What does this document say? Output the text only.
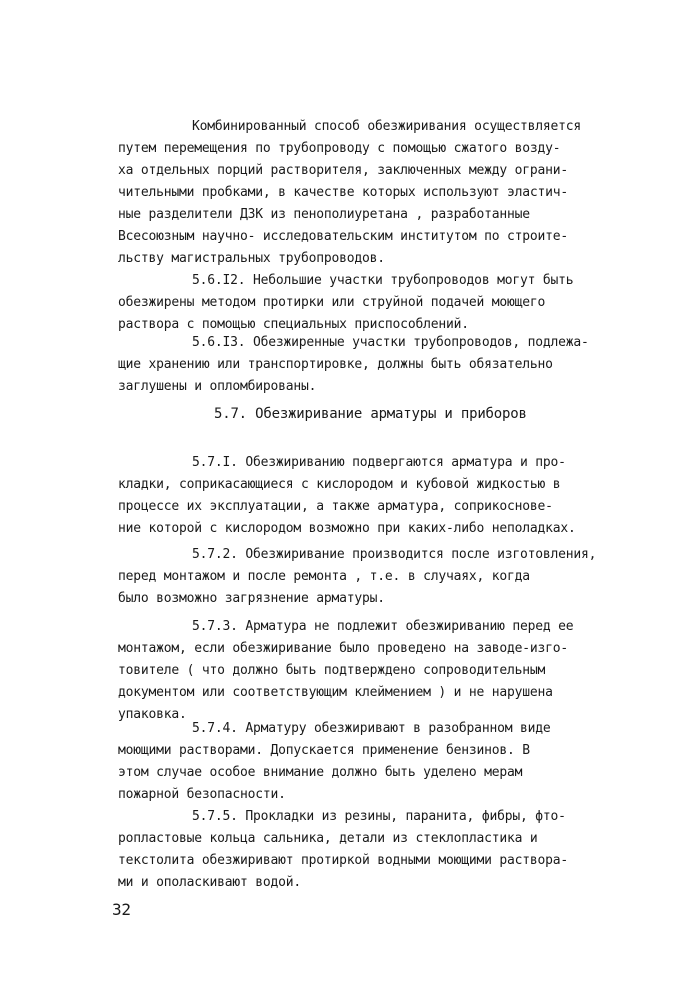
Комбинированный способ обезжиривания осуществляется
путем перемещения по трубопроводу с помощью сжатого возду-
ха отдельных порций растворителя, заключенных между ограни-
чительными пробками, в качестве которых используют эластич-
ные разделители ДЗК из пенополиуретана , разработанные
Всесоюзным научно- исследовательским институтом по строите-
льству магистральных трубопроводов.
5.6.I2. Небольшие участки трубопроводов могут быть
обезжирены методом протирки или струйной подачей моющего
раствора с помощью специальных приспособлений.
5.6.I3. Обезжиренные участки трубопроводов, подлежа-
щие хранению или транспортировке, должны быть обязательно
заглушены и опломбированы.
5.7. Обезжиривание арматуры и приборов
5.7.I. Обезжириванию подвергаются арматура и про-
кладки, соприкасающиеся с кислородом и кубовой жидкостью в
процессе их эксплуатации, а также арматура, соприкоснове-
ние которой с кислородом возможно при каких-либо неполадках.
5.7.2. Обезжиривание производится после изготовления,
перед монтажом и после ремонта , т.е. в случаях, когда
было возможно загрязнение арматуры.
5.7.3. Арматура не подлежит обезжириванию перед ее
монтажом, если обезжиривание было проведено на заводе-изго-
товителе ( что должно быть подтверждено сопроводительным
документом или соответствующим клеймением ) и не нарушена
упаковка.
5.7.4. Арматуру обезжиривают в разобранном виде
моющими растворами. Допускается применение бензинов. В
этом случае особое внимание должно быть уделено мерам
пожарной безопасности.
5.7.5. Прокладки из резины, паранита, фибры, фто-
ропластовые кольца сальника, детали из стеклопластика и
текстолита обезжиривают протиркой водными моющими раствора-
ми и ополаскивают водой.
32
